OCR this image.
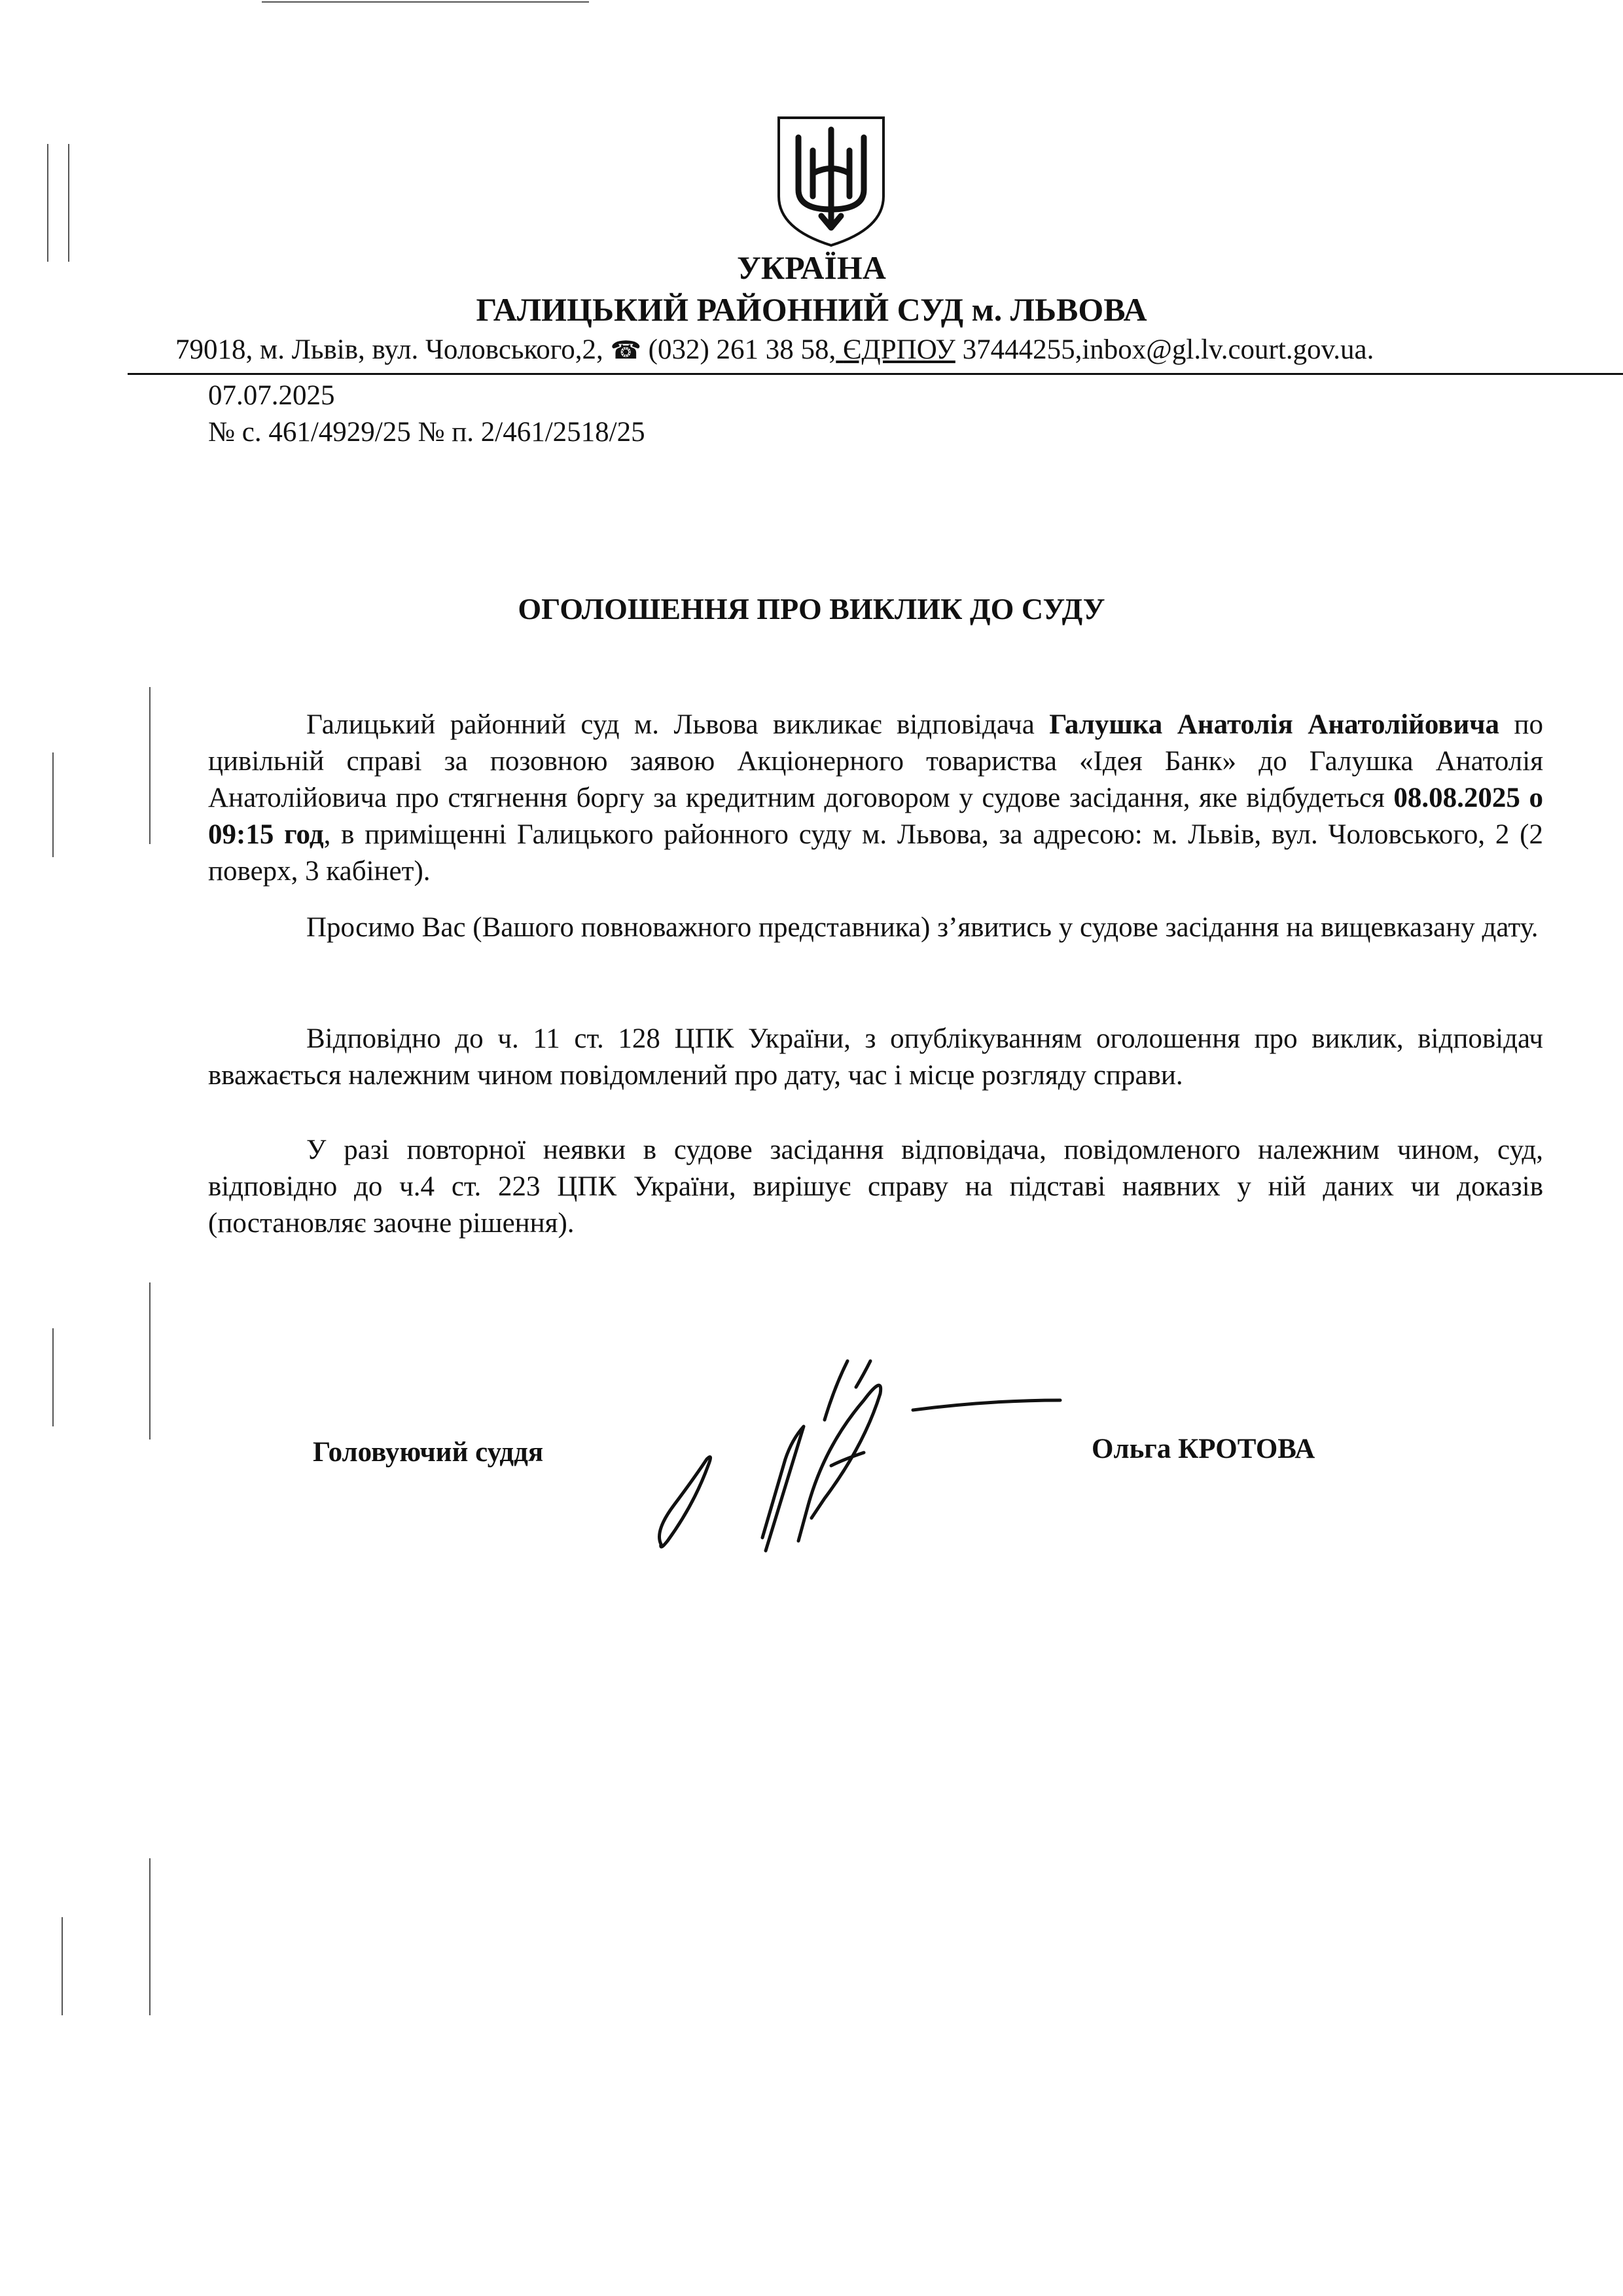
УКРАЇНА
ГАЛИЦЬКИЙ РАЙОННИЙ СУД м. ЛЬВОВА
79018, м. Львів, вул. Чоловського,2, ☎ (032) 261 38 58, ЄДРПОУ 37444255,inbox@gl.lv.court.gov.ua.
07.07.2025
№ с. 461/4929/25 № п. 2/461/2518/25
ОГОЛОШЕННЯ ПРО ВИКЛИК ДО СУДУ
Галицький районний суд м. Львова викликає відповідача Галушка Анатолія Анатолійовича по цивільній справі за позовною заявою Акціонерного товариства «Ідея Банк» до Галушка Анатолія Анатолійовича про стягнення боргу за кредитним договором у судове засідання, яке відбудеться 08.08.2025 о 09:15 год, в приміщенні Галицького районного суду м. Львова, за адресою: м. Львів, вул. Чоловського, 2 (2 поверх, 3 кабінет).
Просимо Вас (Вашого повноважного представника) з’явитись у судове засідання на вищевказану дату.
Відповідно до ч. 11 ст. 128 ЦПК України, з опублікуванням оголошення про виклик, відповідач вважається належним чином повідомлений про дату, час і місце розгляду справи.
У разі повторної неявки в судове засідання відповідача, повідомленого належним чином, суд, відповідно до ч.4 ст. 223 ЦПК України, вирішує справу на підставі наявних у ній даних чи доказів (постановляє заочне рішення).
Головуючий суддя	Ольга КРОТОВА
